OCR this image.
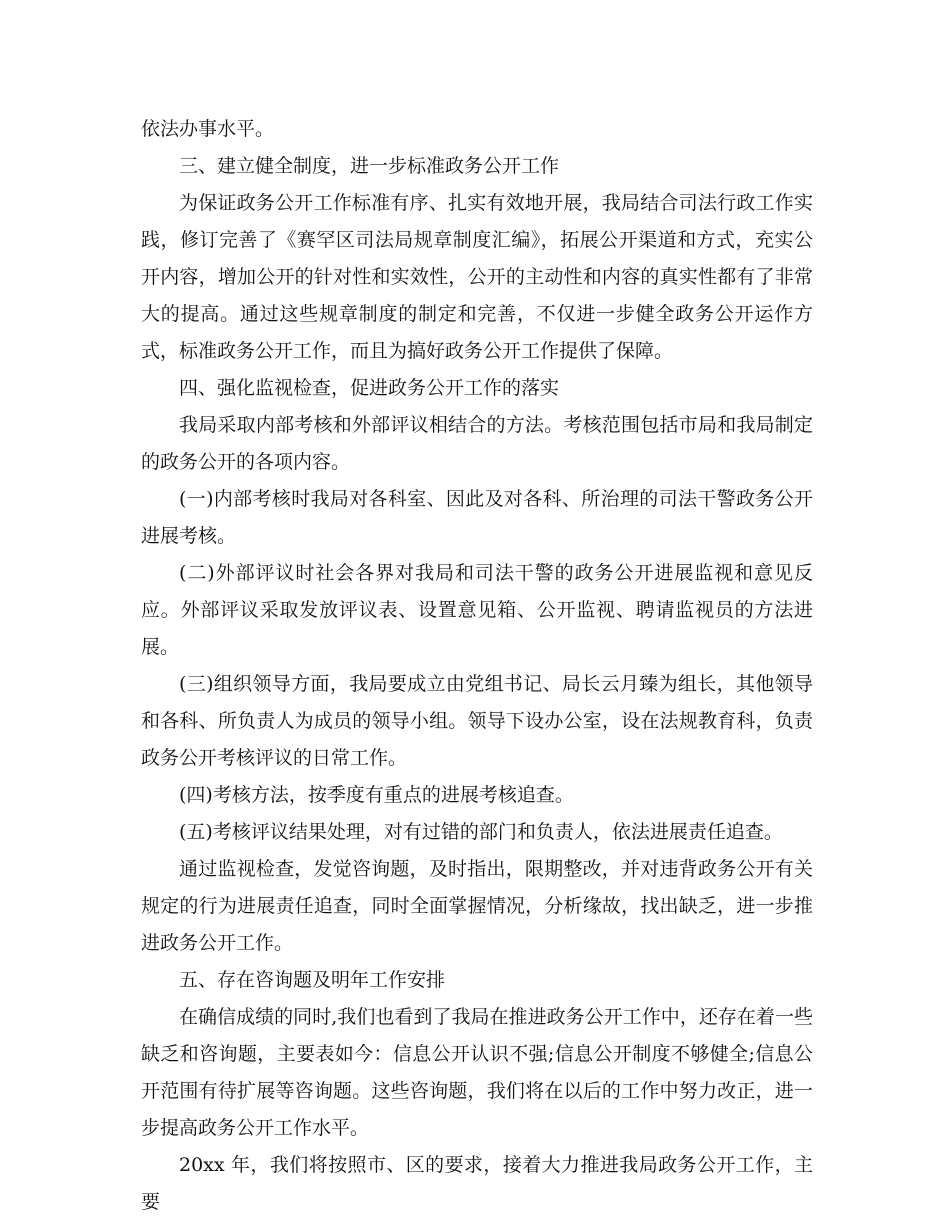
依法办事水平。

三、建立健全制度，进一步标准政务公开工作

为保证政务公开工作标准有序、扎实有效地开展，我局结合司法行政工作实践，修订完善了《赛罕区司法局规章制度汇编》，拓展公开渠道和方式，充实公开内容，增加公开的针对性和实效性，公开的主动性和内容的真实性都有了非常大的提高。通过这些规章制度的制定和完善，不仅进一步健全政务公开运作方式，标准政务公开工作，而且为搞好政务公开工作提供了保障。

四、强化监视检查，促进政务公开工作的落实

我局采取内部考核和外部评议相结合的方法。考核范围包括市局和我局制定的政务公开的各项内容。

(一)内部考核时我局对各科室、因此及对各科、所治理的司法干警政务公开进展考核。

(二)外部评议时社会各界对我局和司法干警的政务公开进展监视和意见反应。外部评议采取发放评议表、设置意见箱、公开监视、聘请监视员的方法进展。

(三)组织领导方面，我局要成立由党组书记、局长云月臻为组长，其他领导和各科、所负责人为成员的领导小组。领导下设办公室，设在法规教育科，负责政务公开考核评议的日常工作。

(四)考核方法，按季度有重点的进展考核追查。

(五)考核评议结果处理，对有过错的部门和负责人，依法进展责任追查。

通过监视检查，发觉咨询题，及时指出，限期整改，并对违背政务公开有关规定的行为进展责任追查，同时全面掌握情况，分析缘故，找出缺乏，进一步推进政务公开工作。

五、存在咨询题及明年工作安排

在确信成绩的同时,我们也看到了我局在推进政务公开工作中，还存在着一些缺乏和咨询题，主要表如今：信息公开认识不强;信息公开制度不够健全;信息公开范围有待扩展等咨询题。这些咨询题，我们将在以后的工作中努力改正，进一步提高政务公开工作水平。

20xx 年，我们将按照市、区的要求，接着大力推进我局政务公开工作，主要
